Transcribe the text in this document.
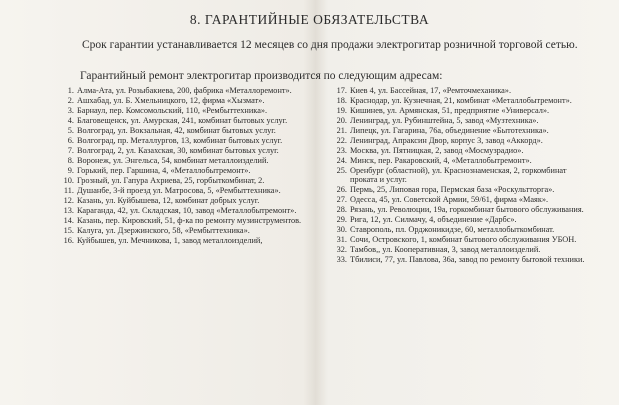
8. ГАРАНТИЙНЫЕ ОБЯЗАТЕЛЬСТВА
Срок гарантии устанавливается 12 месяцев со дня продажи электрогитар розничной торговой сетью.
Гарантийный ремонт электрогитар производится по следующим адресам:
1. Алма-Ата, ул. Розыбакиева, 200, фабрика «Металлоремонт».
2. Ашхабад, ул. Б. Хмельницкого, 12, фирма «Хызмат».
3. Барнаул, пер. Комсомольский, 110, «Рембыттехника».
4. Благовещенск, ул. Амурская, 241, комбинат бытовых услуг.
5. Волгоград, ул. Вокзальная, 42, комбинат бытовых услуг.
6. Волгоград, пр. Металлургов, 13, комбинат бытовых услуг.
7. Волгоград, 2, ул. Казахская, 30, комбинат бытовых услуг.
8. Воронеж, ул. Энгельса, 54, комбинат металлоизделий.
9. Горький, пер. Гаршина, 4, «Металлобытремонт».
10. Грозный, ул. Гапура Ахриева, 25, горбыткомбинат, 2.
11. Душанбе, 3-й проезд ул. Матросова, 5, «Рембыттехника».
12. Казань, ул. Куйбышева, 12, комбинат добрых услуг.
13. Караганда, 42, ул. Складская, 10, завод «Металлобытремонт».
14. Казань, пер. Кировский, 51, ф-ка по ремонту музинструментов.
15. Калуга, ул. Дзержинского, 58, «Рембыттехника».
16. Куйбышев, ул. Мечникова, 1, завод металлоизделий,
17. Киев 4, ул. Бассейная, 17, «Ремточмеханика».
18. Краснодар, ул. Кузнечная, 21, комбинат «Металлобытремонт».
19. Кишинев, ул. Армянская, 51, предприятие «Универсал».
20. Ленинград, ул. Рубинштейна, 5, завод «Музтехника».
21. Липецк, ул. Гагарина, 76а, объединение «Бытотехника».
22. Ленинград, Апраксин Двор, корпус 3, завод «Аккорд».
23. Москва, ул. Пятницкая, 2, завод «Мосмузрадио».
24. Минск, пер. Ракаровский, 4, «Металлобытремонт».
25. Оренбург (областной), ул. Краснознаменская, 2, горкомбинат проката и услуг.
26. Пермь, 25, Липовая гора, Пермская база «Роскультторга».
27. Одесса, 45, ул. Советской Армии, 59/61, фирма «Маяк».
28. Рязань, ул. Революции, 19а, горкомбинат бытового обслуживания.
29. Рига, 12, ул. Силмачу, 4, объединение «Дарбс».
30. Ставрополь, пл. Орджоникидзе, 60, металлобыткомбинат.
31. Сочи, Островского, 1, комбинат бытового обслуживания УБОН.
32. Тамбов,, ул. Кооперативная, 3, завод металлоизделий.
33. Тбилиси, 77, ул. Павлова, 36а, завод по ремонту бытовой техники.
